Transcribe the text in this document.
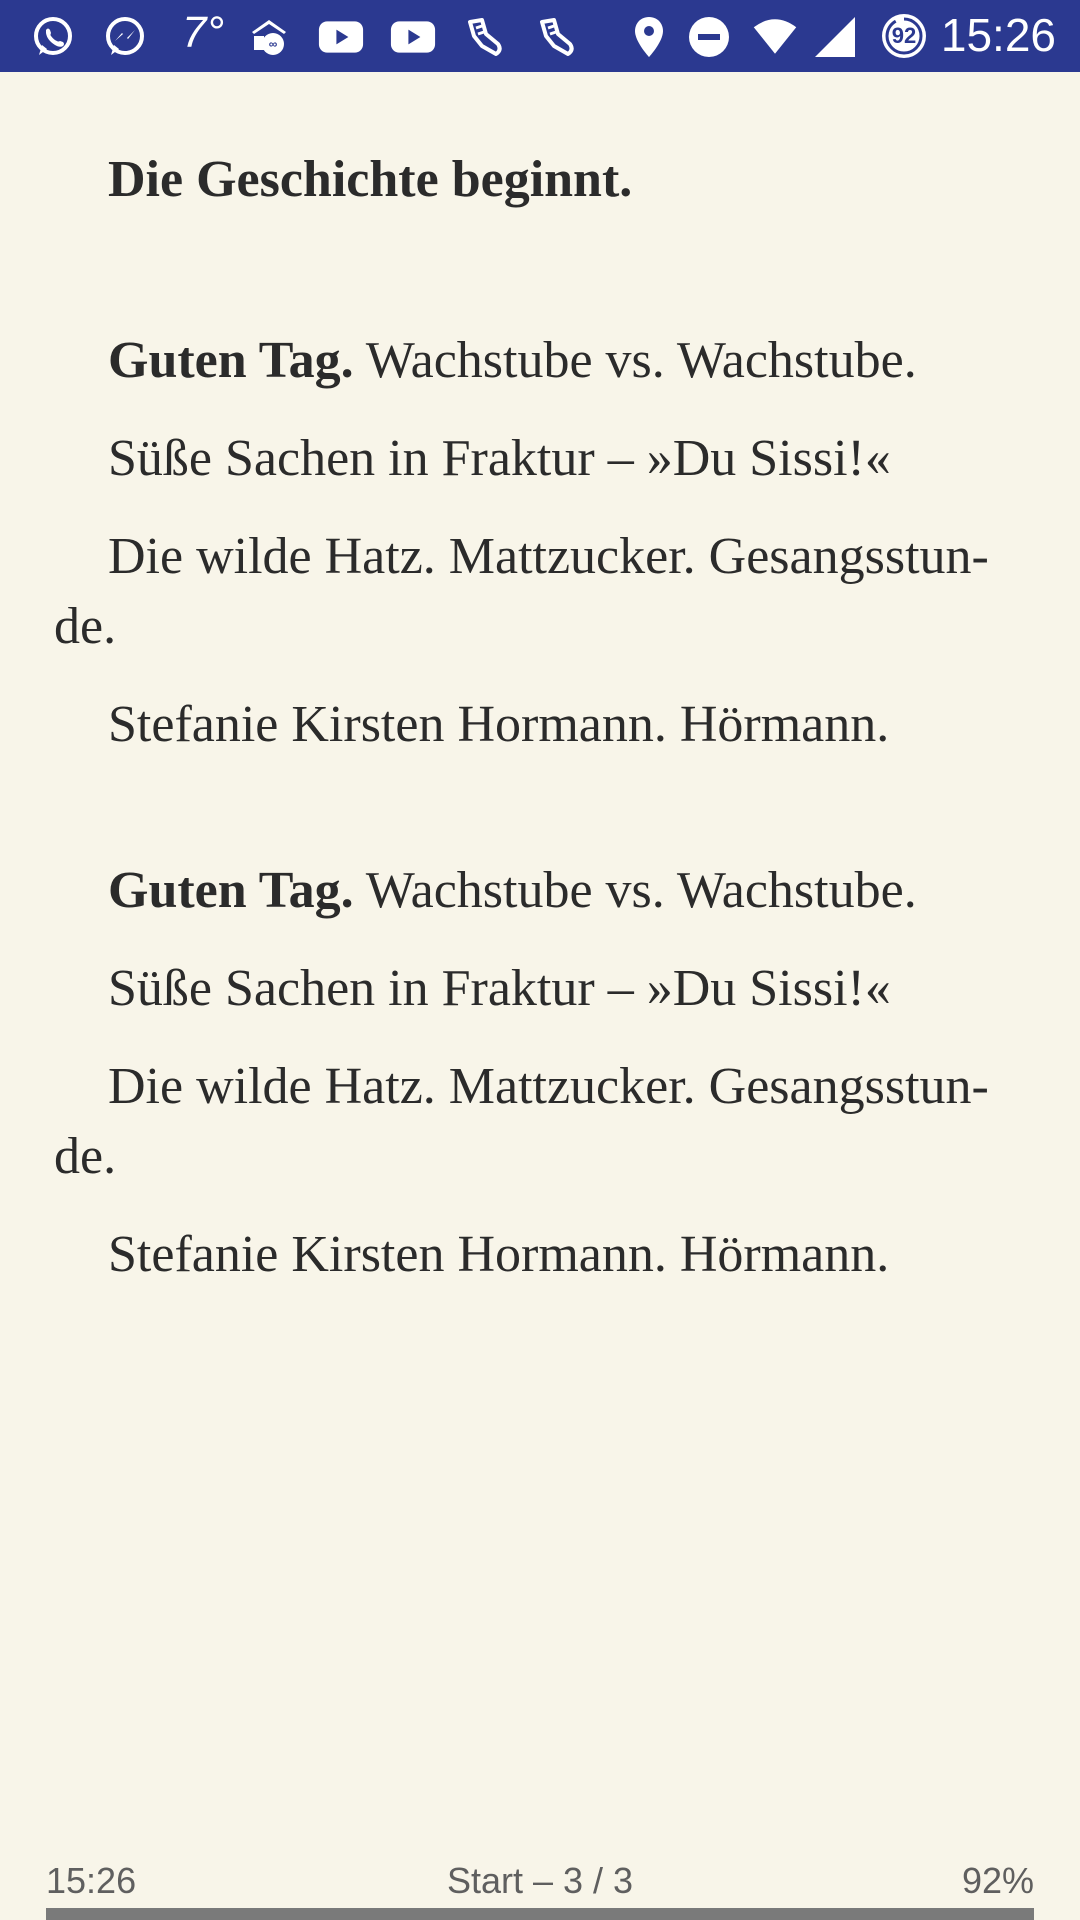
7°	∞	92 15:26

Die Geschichte beginnt.

Guten Tag. Wachstube vs. Wachstube.

Süße Sachen in Fraktur – »Du Sissi!«

Die wilde Hatz. Mattzucker. Gesangsstunde.

Stefanie Kirsten Hormann. Hörmann.

Guten Tag. Wachstube vs. Wachstube.

Süße Sachen in Fraktur – »Du Sissi!«

Die wilde Hatz. Mattzucker. Gesangsstunde.

Stefanie Kirsten Hormann. Hörmann.

15:26	Start – 3 / 3	92%
